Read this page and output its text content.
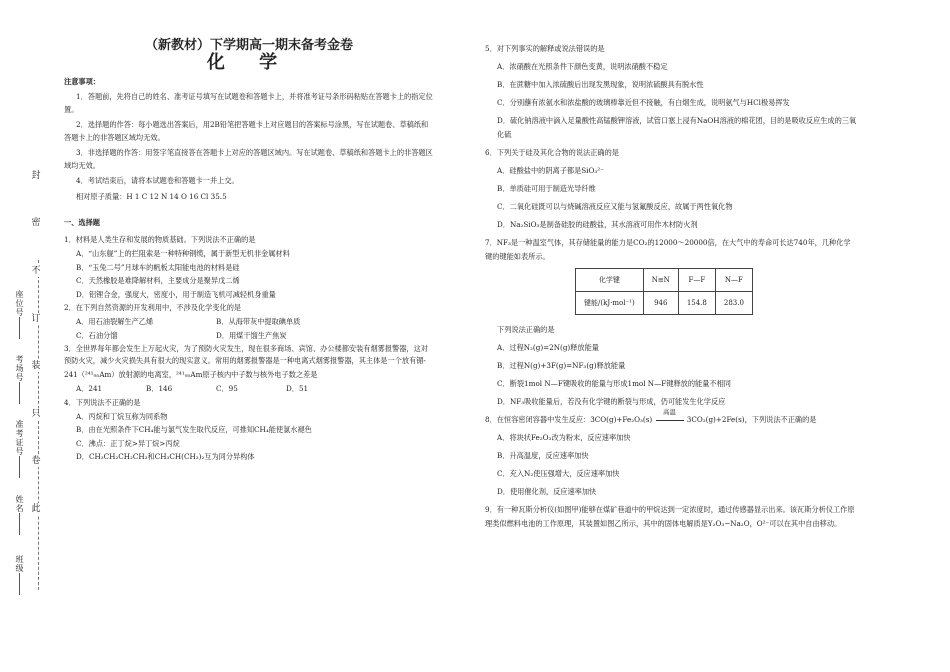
封
密
不
订
装
只
卷
此
座位号
考场号
准考证号
姓名
班级
（新教材）下学期高一期末备考金卷
化 学
注意事项：

1．答题前，先将自己的姓名、准考证号填写在试题卷和答题卡上，并将准考证号条形码粘贴在答题卡上的指定位置。

2．选择题的作答：每小题选出答案后，用2B铅笔把答题卡上对应题目的答案标号涂黑，写在试题卷、草稿纸和答题卡上的非答题区域均无效。

3．非选择题的作答：用签字笔直接答在答题卡上对应的答题区域内。写在试题卷、草稿纸和答题卡上的非答题区域均无效。

4．考试结束后，请将本试题卷和答题卡一并上交。

相对原子质量：H 1 C 12 N 14 O 16 Cl 35.5

一、选择题
1．材料是人类生存和发展的物质基础。下列说法不正确的是
A．“山东舰”上的拦阻索是一种特种钢缆，属于新型无机非金属材料
B．“玉兔二号”月球车的帆板太阳能电池的材料是硅
C．天然橡胶是难降解材料，主要成分是聚异戊二烯
D．铝锂合金，强度大，密度小，用于制造飞机可减轻机身重量
2．在下列自然资源的开发利用中，不涉及化学变化的是
A．用石油裂解生产乙烯	B．从海带灰中提取碘单质
C．石油分馏	D．用煤干馏生产焦炭
3．全世界每年都会发生上万起火灾，为了预防火灾发生，现在很多商场、宾馆、办公楼都安装有烟雾报警器，这对预防火灾，减少火灾损失具有很大的现实意义。常用的烟雾报警器是一种电离式烟雾报警器，其主体是一个放有镅-
241（²⁴¹₉₅Am）放射源的电离室，²⁴¹₉₅Am原子核内中子数与核外电子数之差是
A．241	B．146	C．95	D．51
4．下列说法不正确的是
A．丙烷和丁烷互称为同系物
B．由在光照条件下CH₄能与氯气发生取代反应，可推知CH₄能使氯水褪色
C．沸点：正丁烷>异丁烷>丙烷
D．CH₃CH₂CH₂CH₃和CH₃CH(CH₃)₂互为同分异构体
5．对下列事实的解释或说法错误的是
A．浓硝酸在光照条件下颜色变黄，说明浓硝酸不稳定
B．在蔗糖中加入浓硫酸后出现发黑现象，说明浓硫酸具有脱水性
C．分别蘸有浓氨水和浓盐酸的玻璃棒靠近但不接触，有白烟生成，说明氨气与HCl极易挥发
D．硫化钠溶液中滴入足量酸性高锰酸钾溶液，试管口塞上浸有NaOH溶液的棉花团，目的是吸收反应生成的三氧化硫
6．下列关于硅及其化合物的说法正确的是
A．硅酸盐中的阴离子都是SiO₃²⁻
B．单质硅可用于制造光导纤维
C．二氧化硅既可以与烧碱溶液反应又能与氢氟酸反应，故属于两性氧化物
D．Na₂SiO₃是制备硅胶的硅酸盐，其水溶液可用作木材防火剂
7．NF₃是一种温室气体，其存储能量的能力是CO₂的12000～20000倍，在大气中的寿命可长达740年，几种化学键的键能如表所示。
化学键	N≡N	F—F	N—F
键能/(kJ·mol⁻¹)	946	154.8	283.0
下列说法正确的是
A．过程N₂(g)=2N(g)释放能量
B．过程N(g)+3F(g)=NF₃(g)释放能量
C．断裂1mol N—F键吸收的能量与形成1mol N—F键释放的能量不相同
D．NF₃吸收能量后，若没有化学键的断裂与形成，仍可能发生化学反应
8．在恒容密闭容器中发生反应：3CO(g)+Fe₂O₃(s)
高温
3CO₂(g)+2Fe(s)，下列说法不正确的是
A．将块状Fe₂O₃改为粉末，反应速率加快
B．升高温度，反应速率加快
C．充入N₂使压强增大，反应速率加快
D．使用催化剂，反应速率加快
9．有一种瓦斯分析仪(如图甲)能够在煤矿巷道中的甲烷达到一定浓度时，通过传感器显示出来。该瓦斯分析仪工作原理类似燃料电池的工作原理，其装置如图乙所示，其中的固体电解质是Y₂O₃−Na₂O，O²⁻可以在其中自由移动。
